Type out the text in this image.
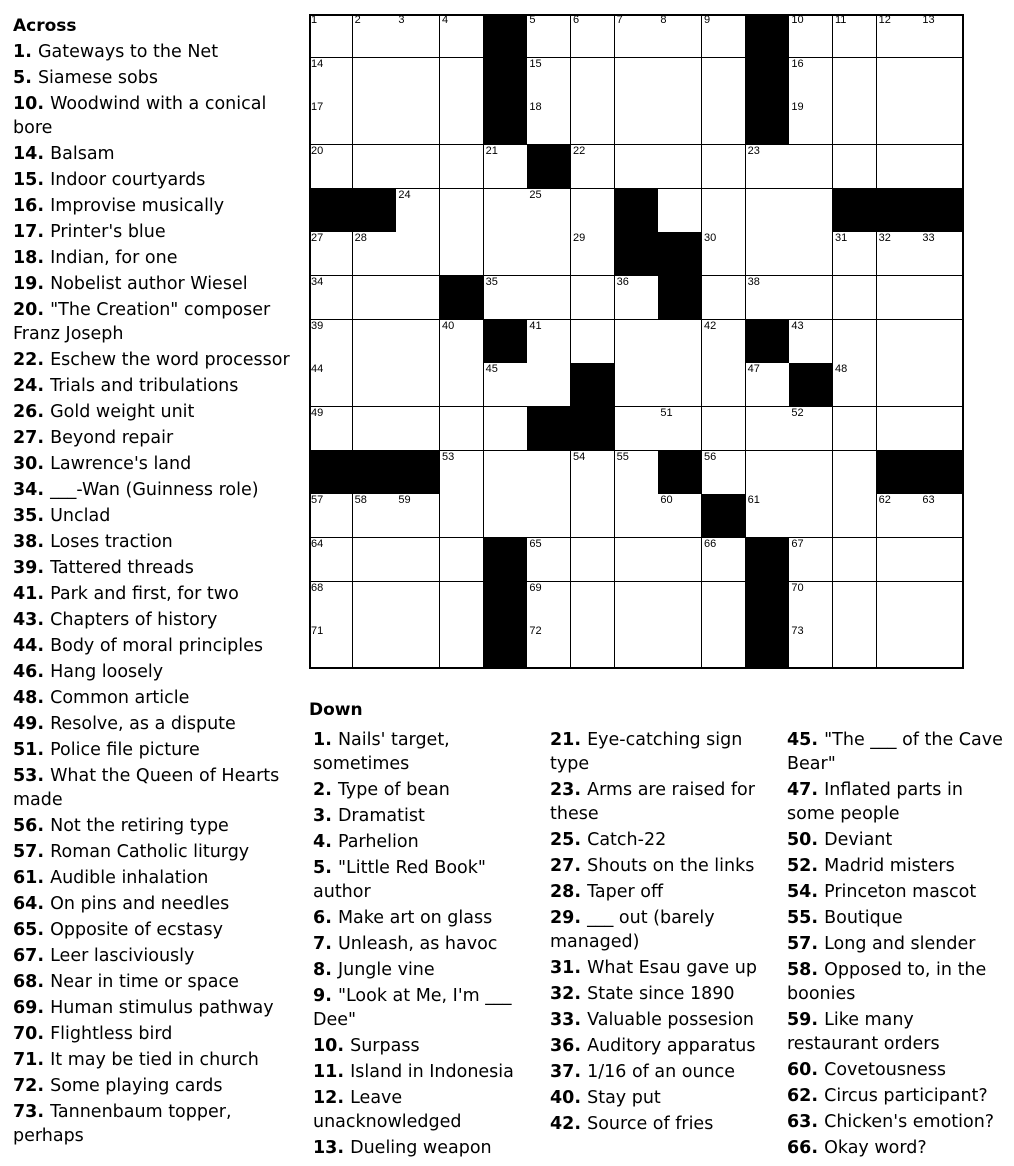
Across
1. Gateways to the Net
5. Siamese sobs
10. Woodwind with a conical bore
14. Balsam
15. Indoor courtyards
16. Improvise musically
17. Printer's blue
18. Indian, for one
19. Nobelist author Wiesel
20. "The Creation" composer Franz Joseph
22. Eschew the word processor
24. Trials and tribulations
26. Gold weight unit
27. Beyond repair
30. Lawrence's land
34. ___-Wan (Guinness role)
35. Unclad
38. Loses traction
39. Tattered threads
41. Park and first, for two
43. Chapters of history
44. Body of moral principles
46. Hang loosely
48. Common article
49. Resolve, as a dispute
51. Police file picture
53. What the Queen of Hearts made
56. Not the retiring type
57. Roman Catholic liturgy
61. Audible inhalation
64. On pins and needles
65. Opposite of ecstasy
67. Leer lasciviously
68. Near in time or space
69. Human stimulus pathway
70. Flightless bird
71. It may be tied in church
72. Some playing cards
73. Tannenbaum topper, perhaps
1	2	3	4	5	6	7	8	9	10	11	12	13
14	15	16
17	18	19
20	21	22	23
24	25
27	28	29	30	31	32	33
34	35	36	38
39	40	41	42	43
44	45	47	48
49	51	52
53	54	55	56
57	58	59	60	61	62	63
64	65	66	67
68	69	70
71	72	73
Down
1. Nails' target, sometimes
2. Type of bean
3. Dramatist
4. Parhelion
5. "Little Red Book" author
6. Make art on glass
7. Unleash, as havoc
8. Jungle vine
9. "Look at Me, I'm ___ Dee"
10. Surpass
11. Island in Indonesia
12. Leave unacknowledged
13. Dueling weapon
21. Eye-catching sign type
23. Arms are raised for these
25. Catch-22
27. Shouts on the links
28. Taper off
29. ___ out (barely managed)
31. What Esau gave up
32. State since 1890
33. Valuable possesion
36. Auditory apparatus
37. 1/16 of an ounce
40. Stay put
42. Source of fries
45. "The ___ of the Cave Bear"
47. Inflated parts in some people
50. Deviant
52. Madrid misters
54. Princeton mascot
55. Boutique
57. Long and slender
58. Opposed to, in the boonies
59. Like many restaurant orders
60. Covetousness
62. Circus participant?
63. Chicken's emotion?
66. Okay word?
